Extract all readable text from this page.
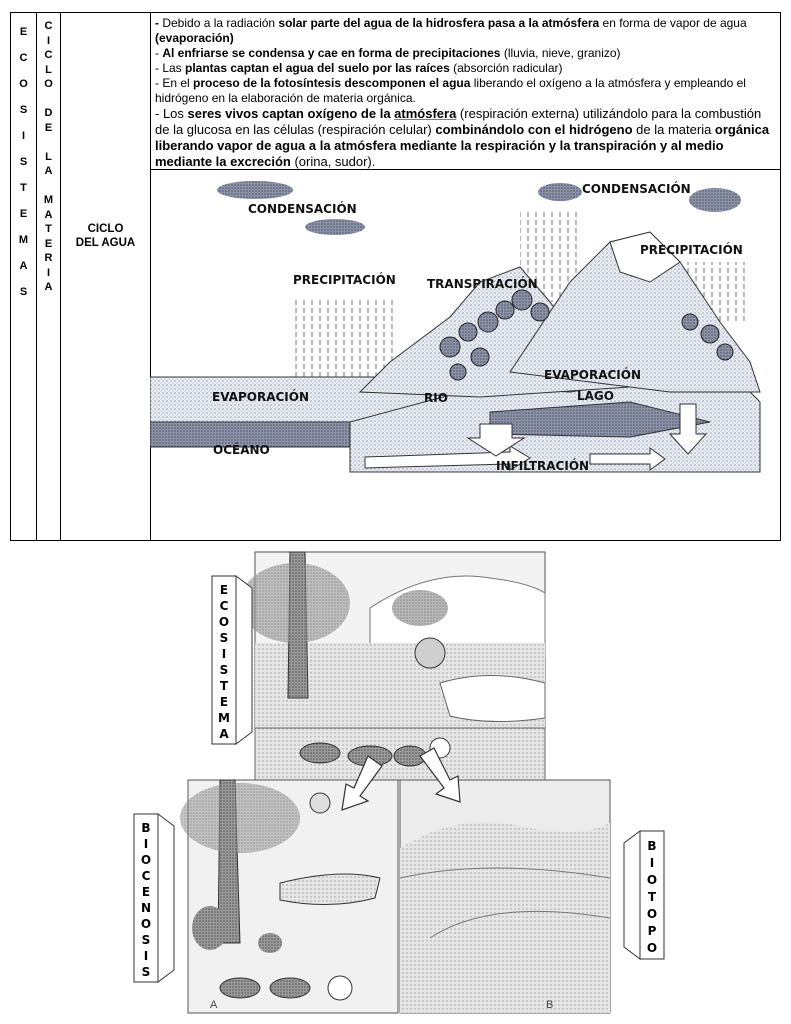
E
C
O
S
I
S
T
E
M
A
S
C
I
C
L
O

D
E

L
A

M
A
T
E
R
I
A
CICLO
DEL AGUA

- Debido a la radiación solar parte del agua de la hidrosfera pasa a la atmósfera en forma de vapor de agua (evaporación)

- Al enfriarse se condensa y cae en forma de precipitaciones (lluvia, nieve, granizo)

- Las plantas captan el agua del suelo por las raíces (absorción radicular)

- En el proceso de la fotosíntesis descomponen el agua liberando el oxígeno a la atmósfera y empleando el hidrógeno en la elaboración de materia orgánica.

- Los seres vivos captan oxígeno de la atmósfera (respiración externa) utilizándolo para la combustión de la glucosa en las células (respiración celular) combinándolo con el hidrógeno de la materia orgánica liberando vapor de agua a la atmósfera mediante la respiración y la transpiración y al medio mediante la excreción (orina, sudor).

CONDENSACIÓN
CONDENSACIÓN
PRECIPITACIÓN
PRECIPITACIÓN
TRANSPIRACIÓN
EVAPORACIÓN
EVAPORACIÓN
RIO	LAGO
OCÉANO
INFILTRACIÓN
A	B
E
C
O
S
I
S
T
E
M
A
B
I
O
C
E
N
O
S
I
S
B
I
O
T
O
P
O
